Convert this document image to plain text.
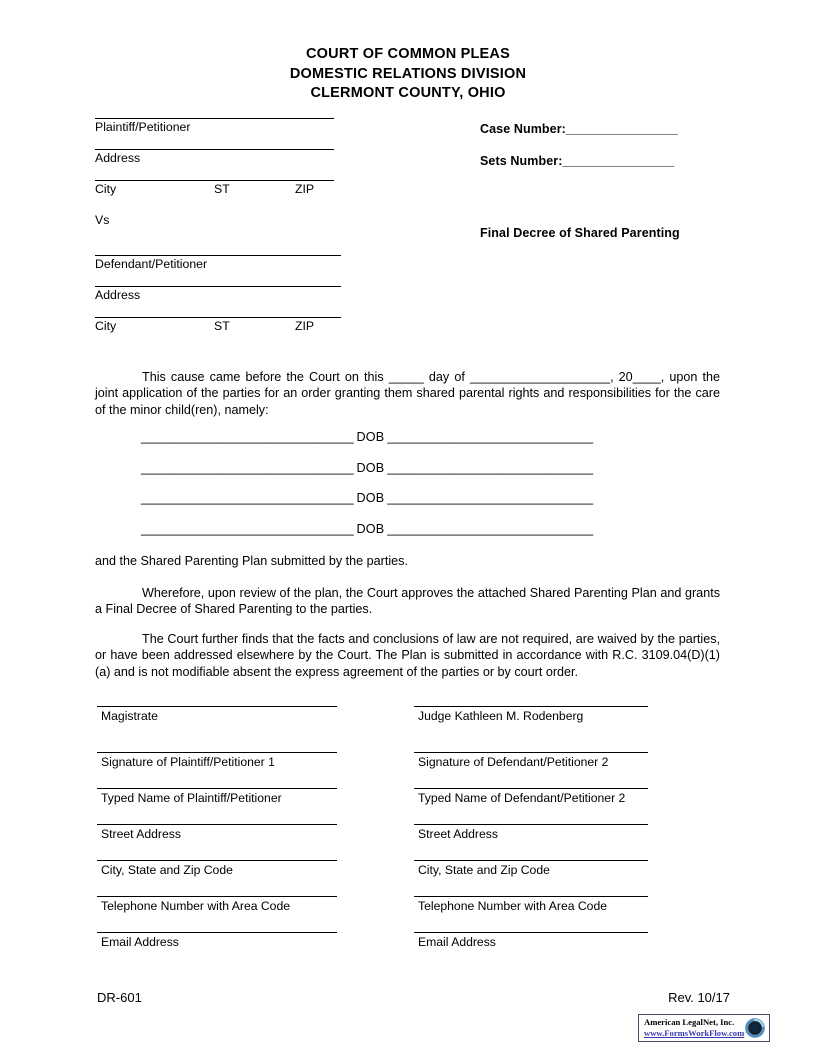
COURT OF COMMON PLEAS
DOMESTIC RELATIONS DIVISION
CLERMONT COUNTY, OHIO
Plaintiff/Petitioner
Address
City	ST	ZIP
Vs
Defendant/Petitioner
Address
City	ST	ZIP
Case Number:_________________
Sets Number:_________________
Final Decree of Shared Parenting
This cause came before the Court on this _____ day of ____________________, 20____, upon the joint application of the parties for an order granting them shared parental rights and responsibilities for the care of the minor child(ren), namely:
_______________________________ DOB ______________________________
_______________________________ DOB ______________________________
_______________________________ DOB ______________________________
_______________________________ DOB ______________________________
and the Shared Parenting Plan submitted by the parties.
Wherefore, upon review of the plan, the Court approves the attached Shared Parenting Plan and grants a Final Decree of Shared Parenting to the parties.
The Court further finds that the facts and conclusions of law are not required, are waived by the parties, or have been addressed elsewhere by the Court. The Plan is submitted in accordance with R.C. 3109.04(D)(1)(a) and is not modifiable absent the express agreement of the parties or by court order.
Magistrate	Judge Kathleen M. Rodenberg
Signature of Plaintiff/Petitioner 1	Signature of Defendant/Petitioner 2
Typed Name of Plaintiff/Petitioner	Typed Name of Defendant/Petitioner 2
Street Address	Street Address
City, State and Zip Code	City, State and Zip Code
Telephone Number with Area Code	Telephone Number with Area Code
Email Address	Email Address
DR-601	Rev. 10/17
American LegalNet, Inc.
www.FormsWorkFlow.com
